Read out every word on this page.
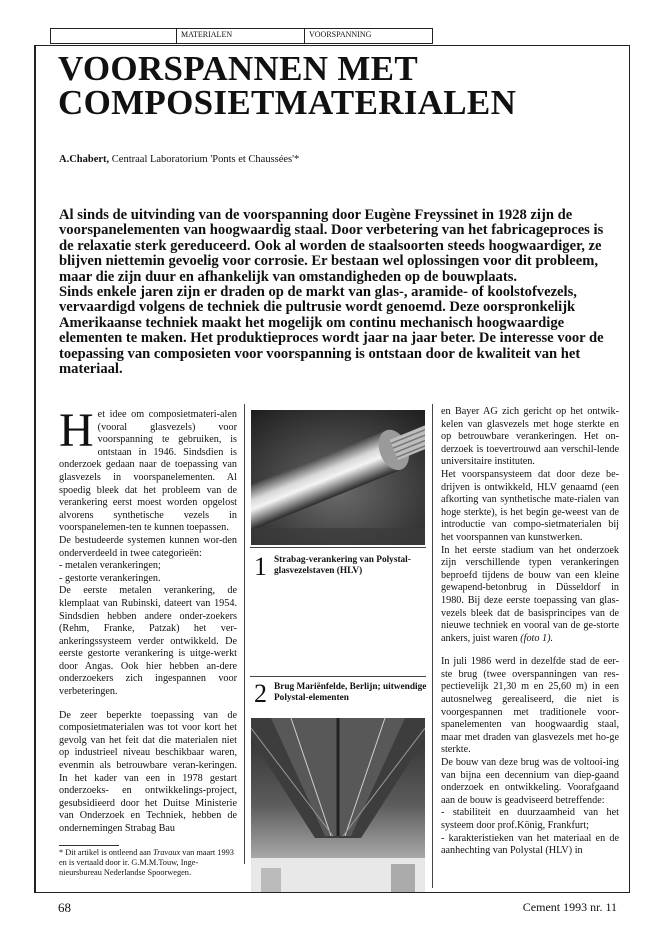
MATERIALEN	VOORSPANNING
VOORSPANNEN MET COMPOSIETMATERIALEN
A.Chabert, Centraal Laboratorium 'Ponts et Chaussées'*

Al sinds de uitvinding van de voorspanning door Eugène Freyssinet in 1928 zijn de voorspanelementen van hoogwaardig staal. Door verbetering van het fabricageproces is de relaxatie sterk gereduceerd. Ook al worden de staalsoorten steeds hoogwaardiger, ze blijven niettemin gevoelig voor corrosie. Er bestaan wel oplossingen voor dit probleem, maar die zijn duur en afhankelijk van omstandigheden op de bouwplaats.

Sinds enkele jaren zijn er draden op de markt van glas-, aramide- of koolstofvezels, vervaardigd volgens de techniek die pultrusie wordt genoemd. Deze oorspronkelijk Amerikaanse techniek maakt het mogelijk om continu mechanisch hoogwaardige elementen te maken. Het produktieproces wordt jaar na jaar beter. De interesse voor de toepassing van composieten voor voorspanning is ontstaan door de kwaliteit van het materiaal.

H et idee om composietmateri-alen (vooral glasvezels) voor voorspanning te gebruiken, is ontstaan in 1946. Sindsdien is onderzoek gedaan naar de toepassing van glasvezels in voorspanelementen. Al spoedig bleek dat het probleem van de verankering eerst moest worden opgelost alvorens synthetische vezels in voorspanelemen-ten te kunnen toepassen.

De bestudeerde systemen kunnen wor-den onderverdeeld in twee categorieën:

- metalen verankeringen;

- gestorte verankeringen.

De eerste metalen verankering, de klemplaat van Rubinski, dateert van 1954. Sindsdien hebben andere onder-zoekers (Rehm, Franke, Patzak) het ver-ankeringssysteem verder ontwikkeld. De eerste gestorte verankering is uitge-werkt door Angas. Ook hier hebben an-dere onderzoekers zich ingespannen voor verbeteringen.

De zeer beperkte toepassing van de composietmaterialen was tot voor kort het gevolg van het feit dat die materialen niet op industrieel niveau beschikbaar waren, evenmin als betrouwbare veran-keringen. In het kader van een in 1978 gestart onderzoeks- en ontwikkelings-project, gesubsidieerd door het Duitse Ministerie van Onderzoek en Techniek, hebben de ondernemingen Strabag Bau

* Dit artikel is ontleend aan Travaux van maart 1993 en is vertaald door ir. G.M.M.Touw, Inge-nieursbureau Nederlandse Spoorwegen.
1 Strabag-verankering van Polystal-glasvezelstaven (HLV)
2 Brug Mariënfelde, Berlijn; uitwendige Polystal-elementen

en Bayer AG zich gericht op het ontwik-kelen van glasvezels met hoge sterkte en op betrouwbare verankeringen. Het on-derzoek is toevertrouwd aan verschil-lende universitaire instituten.

Het voorspansysteem dat door deze be-drijven is ontwikkeld, HLV genaamd (een afkorting van synthetische mate-rialen van hoge sterkte), is het begin ge-weest van de introductie van compo-sietmaterialen bij het voorspannen van kunstwerken.

In het eerste stadium van het onderzoek zijn verschillende typen verankeringen beproefd tijdens de bouw van een kleine gewapend-betonbrug in Düsseldorf in 1980. Bij deze eerste toepassing van glas-vezels bleek dat de basisprincipes van de nieuwe techniek en vooral van de ge-storte ankers, juist waren (foto 1).

In juli 1986 werd in dezelfde stad de eer-ste brug (twee overspanningen van res-pectievelijk 21,30 m en 25,60 m) in een autosnelweg gerealiseerd, die niet is voorgespannen met traditionele voor-spanelementen van hoogwaardig staal, maar met draden van glasvezels met ho-ge sterkte.

De bouw van deze brug was de voltooi-ing van bijna een decennium van diep-gaand onderzoek en ontwikkeling. Voorafgaand aan de bouw is geadviseerd betreffende:

- stabiliteit en duurzaamheid van het systeem door prof.König, Frankfurt;

- karakteristieken van het materiaal en de aanhechting van Polystal (HLV) in

68	Cement 1993 nr. 11
